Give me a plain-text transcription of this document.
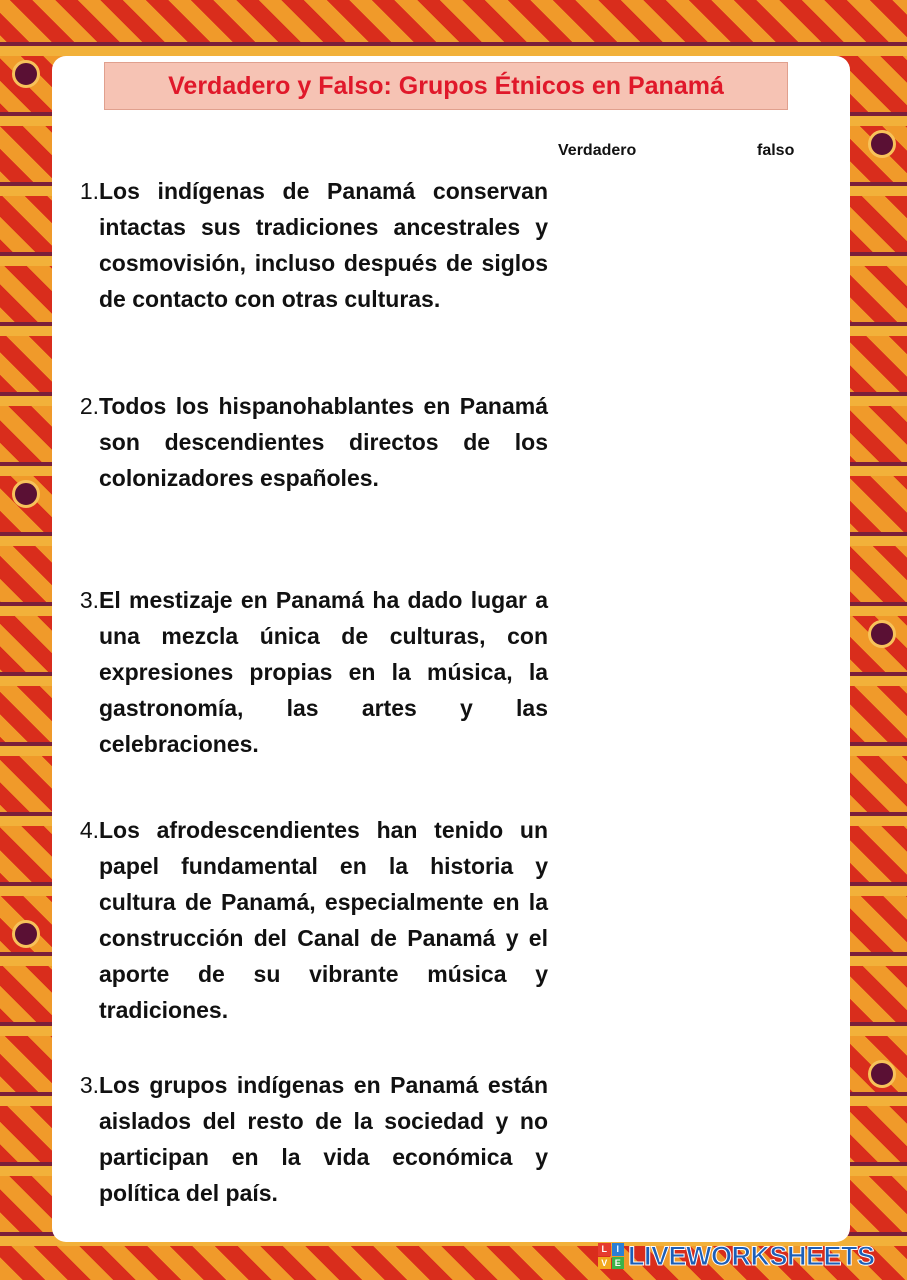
Verdadero y Falso: Grupos Étnicos en Panamá
Verdadero	falso
1. Los indígenas de Panamá conservan intactas sus tradiciones ancestrales y cosmovisión, incluso después de siglos de contacto con otras culturas.
2. Todos los hispanohablantes en Panamá son descendientes directos de los colonizadores españoles.
3. El mestizaje en Panamá ha dado lugar a una mezcla única de culturas, con expresiones propias en la música, la gastronomía, las artes y las celebraciones.
4. Los afrodescendientes han tenido un papel fundamental en la historia y cultura de Panamá, especialmente en la construcción del Canal de Panamá y el aporte de su vibrante música y tradiciones.
3. Los grupos indígenas en Panamá están aislados del resto de la sociedad y no participan en la vida económica y política del país.
L	I
V E LIVEWORKSHEETS
